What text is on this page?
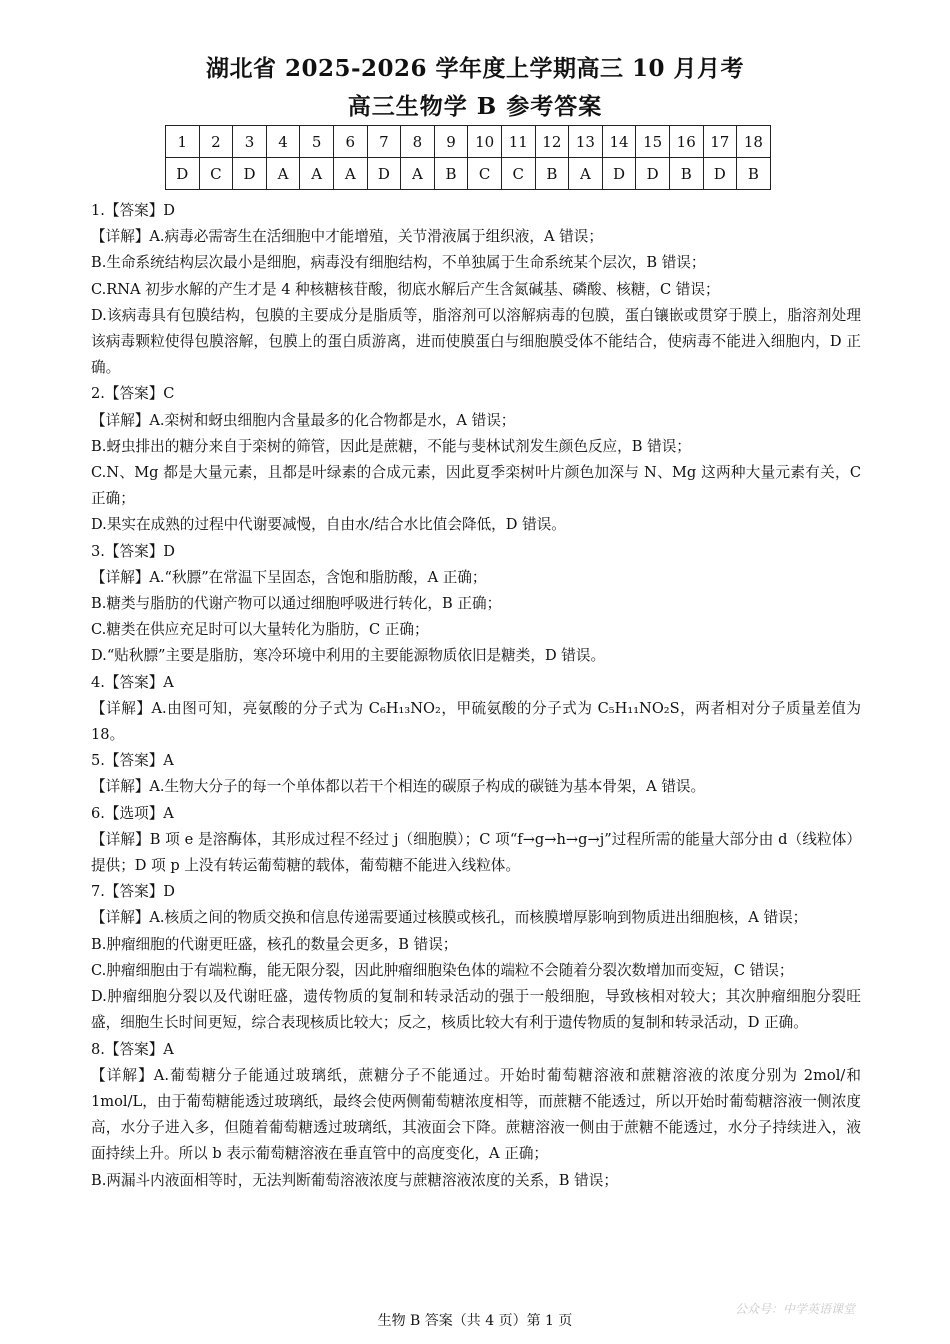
湖北省 2025-2026 学年度上学期高三 10 月月考
高三生物学 B 参考答案
1	2	3	4	5	6	7	8	9	10	11	12	13	14	15	16	17	18
D	C	D	A	A	A	D	A	B	C	C	B	A	D	D	B	D	B

1.【答案】D

【详解】A.病毒必需寄生在活细胞中才能增殖，关节滑液属于组织液，A 错误；

B.生命系统结构层次最小是细胞，病毒没有细胞结构，不单独属于生命系统某个层次，B 错误；

C.RNA 初步水解的产生才是 4 种核糖核苷酸，彻底水解后产生含氮碱基、磷酸、核糖，C 错误；

D.该病毒具有包膜结构，包膜的主要成分是脂质等，脂溶剂可以溶解病毒的包膜，蛋白镶嵌或贯穿于膜上，脂溶剂处理该病毒颗粒使得包膜溶解，包膜上的蛋白质游离，进而使膜蛋白与细胞膜受体不能结合，使病毒不能进入细胞内，D 正确。

2.【答案】C

【详解】A.栾树和蚜虫细胞内含量最多的化合物都是水，A 错误；

B.蚜虫排出的糖分来自于栾树的筛管，因此是蔗糖，不能与斐林试剂发生颜色反应，B 错误；

C.N、Mg 都是大量元素，且都是叶绿素的合成元素，因此夏季栾树叶片颜色加深与 N、Mg 这两种大量元素有关，C 正确；

D.果实在成熟的过程中代谢要减慢，自由水/结合水比值会降低，D 错误。

3.【答案】D

【详解】A.“秋膘”在常温下呈固态，含饱和脂肪酸，A 正确；

B.糖类与脂肪的代谢产物可以通过细胞呼吸进行转化，B 正确；

C.糖类在供应充足时可以大量转化为脂肪，C 正确；

D.“贴秋膘”主要是脂肪，寒冷环境中利用的主要能源物质依旧是糖类，D 错误。

4.【答案】A

【详解】A.由图可知，亮氨酸的分子式为 C₆H₁₃NO₂，甲硫氨酸的分子式为 C₅H₁₁NO₂S，两者相对分子质量差值为 18。

5.【答案】A

【详解】A.生物大分子的每一个单体都以若干个相连的碳原子构成的碳链为基本骨架，A 错误。

6.【选项】A

【详解】B 项 e 是溶酶体，其形成过程不经过 j（细胞膜）；C 项“f→g→h→g→j”过程所需的能量大部分由 d（线粒体）提供；D 项 p 上没有转运葡萄糖的载体，葡萄糖不能进入线粒体。

7.【答案】D

【详解】A.核质之间的物质交换和信息传递需要通过核膜或核孔，而核膜增厚影响到物质进出细胞核，A 错误；

B.肿瘤细胞的代谢更旺盛，核孔的数量会更多，B 错误；

C.肿瘤细胞由于有端粒酶，能无限分裂，因此肿瘤细胞染色体的端粒不会随着分裂次数增加而变短，C 错误；

D.肿瘤细胞分裂以及代谢旺盛，遗传物质的复制和转录活动的强于一般细胞，导致核相对较大；其次肿瘤细胞分裂旺盛，细胞生长时间更短，综合表现核质比较大；反之，核质比较大有利于遗传物质的复制和转录活动，D 正确。

8.【答案】A

【详解】A.葡萄糖分子能通过玻璃纸，蔗糖分子不能通过。开始时葡萄糖溶液和蔗糖溶液的浓度分别为 2mol/和 1mol/L，由于葡萄糖能透过玻璃纸，最终会使两侧葡萄糖浓度相等，而蔗糖不能透过，所以开始时葡萄糖溶液一侧浓度高，水分子进入多，但随着葡萄糖透过玻璃纸，其液面会下降。蔗糖溶液一侧由于蔗糖不能透过，水分子持续进入，液面持续上升。所以 b 表示葡萄糖溶液在垂直管中的高度变化，A 正确；

B.两漏斗内液面相等时，无法判断葡萄溶液浓度与蔗糖溶液浓度的关系，B 错误；

生物 B 答案（共 4 页）第 1 页
公众号：中学英语课堂
